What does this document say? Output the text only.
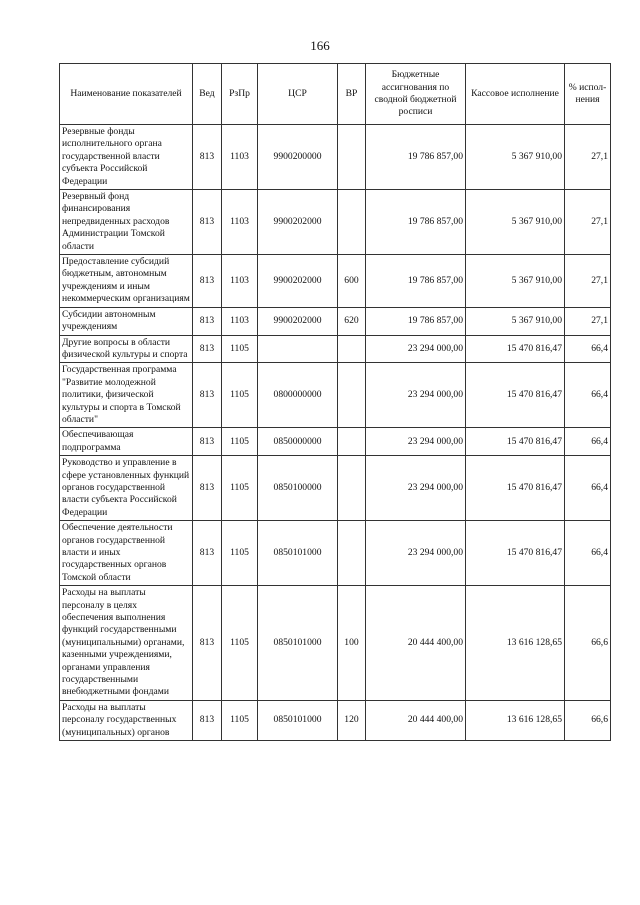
166
Наименование показателей	Вед	РзПр	ЦСР	ВР	Бюджетные ассигнования по сводной бюджетной росписи	Кассовое исполнение	% испол-нения
Резервные фонды исполнительного органа государственной власти субъекта Российской Федерации	813	1103	9900200000		19 786 857,00	5 367 910,00	27,1
Резервный фонд финансирования непредвиденных расходов Администрации Томской области	813	1103	9900202000		19 786 857,00	5 367 910,00	27,1
Предоставление субсидий бюджетным, автономным учреждениям и иным некоммерческим организациям	813	1103	9900202000	600	19 786 857,00	5 367 910,00	27,1
Субсидии автономным учреждениям	813	1103	9900202000	620	19 786 857,00	5 367 910,00	27,1
Другие вопросы в области физической культуры и спорта	813	1105			23 294 000,00	15 470 816,47	66,4
Государственная программа "Развитие молодежной политики, физической культуры и спорта в Томской области"	813	1105	0800000000		23 294 000,00	15 470 816,47	66,4
Обеспечивающая подпрограмма	813	1105	0850000000		23 294 000,00	15 470 816,47	66,4
Руководство и управление в сфере установленных функций органов государственной власти субъекта Российской Федерации	813	1105	0850100000		23 294 000,00	15 470 816,47	66,4
Обеспечение деятельности органов государственной власти и иных государственных органов Томской области	813	1105	0850101000		23 294 000,00	15 470 816,47	66,4
Расходы на выплаты персоналу в целях обеспечения выполнения функций государственными (муниципальными) органами, казенными учреждениями, органами управления государственными внебюджетными фондами	813	1105	0850101000	100	20 444 400,00	13 616 128,65	66,6
Расходы на выплаты персоналу государственных (муниципальных) органов	813	1105	0850101000	120	20 444 400,00	13 616 128,65	66,6
